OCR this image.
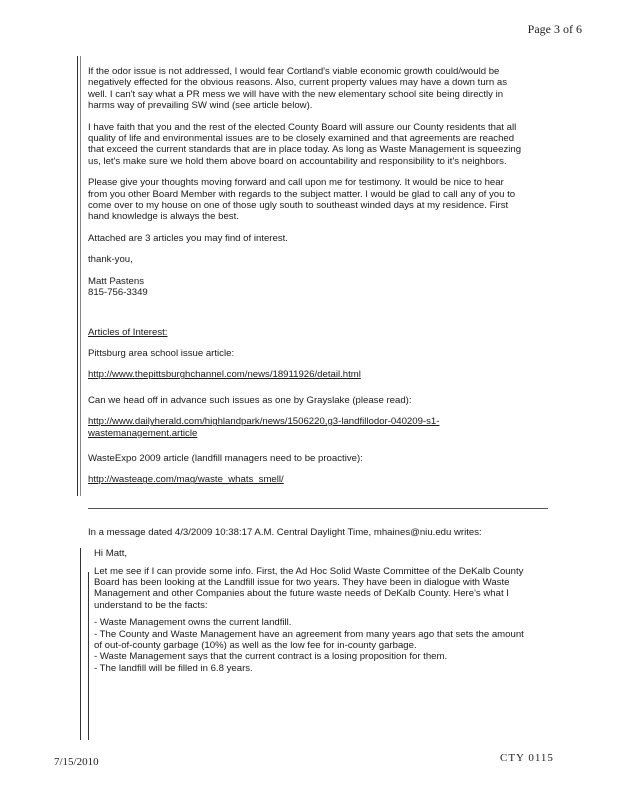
Page 3 of 6

If the odor issue is not addressed, I would fear Cortland's viable economic growth could/would be negatively effected for the obvious reasons. Also, current property values may have a down turn as well. I can't say what a PR mess we will have with the new elementary school site being directly in harms way of prevailing SW wind (see article below).

I have faith that you and the rest of the elected County Board will assure our County residents that all quality of life and environmental issues are to be closely examined and that agreements are reached that exceed the current standards that are in place today. As long as Waste Management is squeezing us, let's make sure we hold them above board on accountability and responsibility to it's neighbors.

Please give your thoughts moving forward and call upon me for testimony. It would be nice to hear from you other Board Member with regards to the subject matter. I would be glad to call any of you to come over to my house on one of those ugly south to southeast winded days at my residence. First hand knowledge is always the best.

Attached are 3 articles you may find of interest.

thank-you,

Matt Pastens
815-756-3349

Articles of Interest:

Pittsburg area school issue article:

http://www.thepittsburghchannel.com/news/18911926/detail.html

Can we head off in advance such issues as one by Grayslake (please read):

http://www.dailyherald.com/highlandpark/news/1506220,g3-landfillodor-040209-s1-wastemanagement.article

WasteExpo 2009 article (landfill managers need to be proactive):

http://wasteage.com/mag/waste_whats_smell/

In a message dated 4/3/2009 10:38:17 A.M. Central Daylight Time, mhaines@niu.edu writes:

Hi Matt,

Let me see if I can provide some info. First, the Ad Hoc Solid Waste Committee of the DeKalb County Board has been looking at the Landfill issue for two years. They have been in dialogue with Waste Management and other Companies about the future waste needs of DeKalb County. Here's what I understand to be the facts:

- Waste Management owns the current landfill.
- The County and Waste Management have an agreement from many years ago that sets the amount of out-of-county garbage (10%) as well as the low fee for in-county garbage.
- Waste Management says that the current contract is a losing proposition for them.
- The landfill will be filled in 6.8 years.
7/15/2010	CTY 0115
